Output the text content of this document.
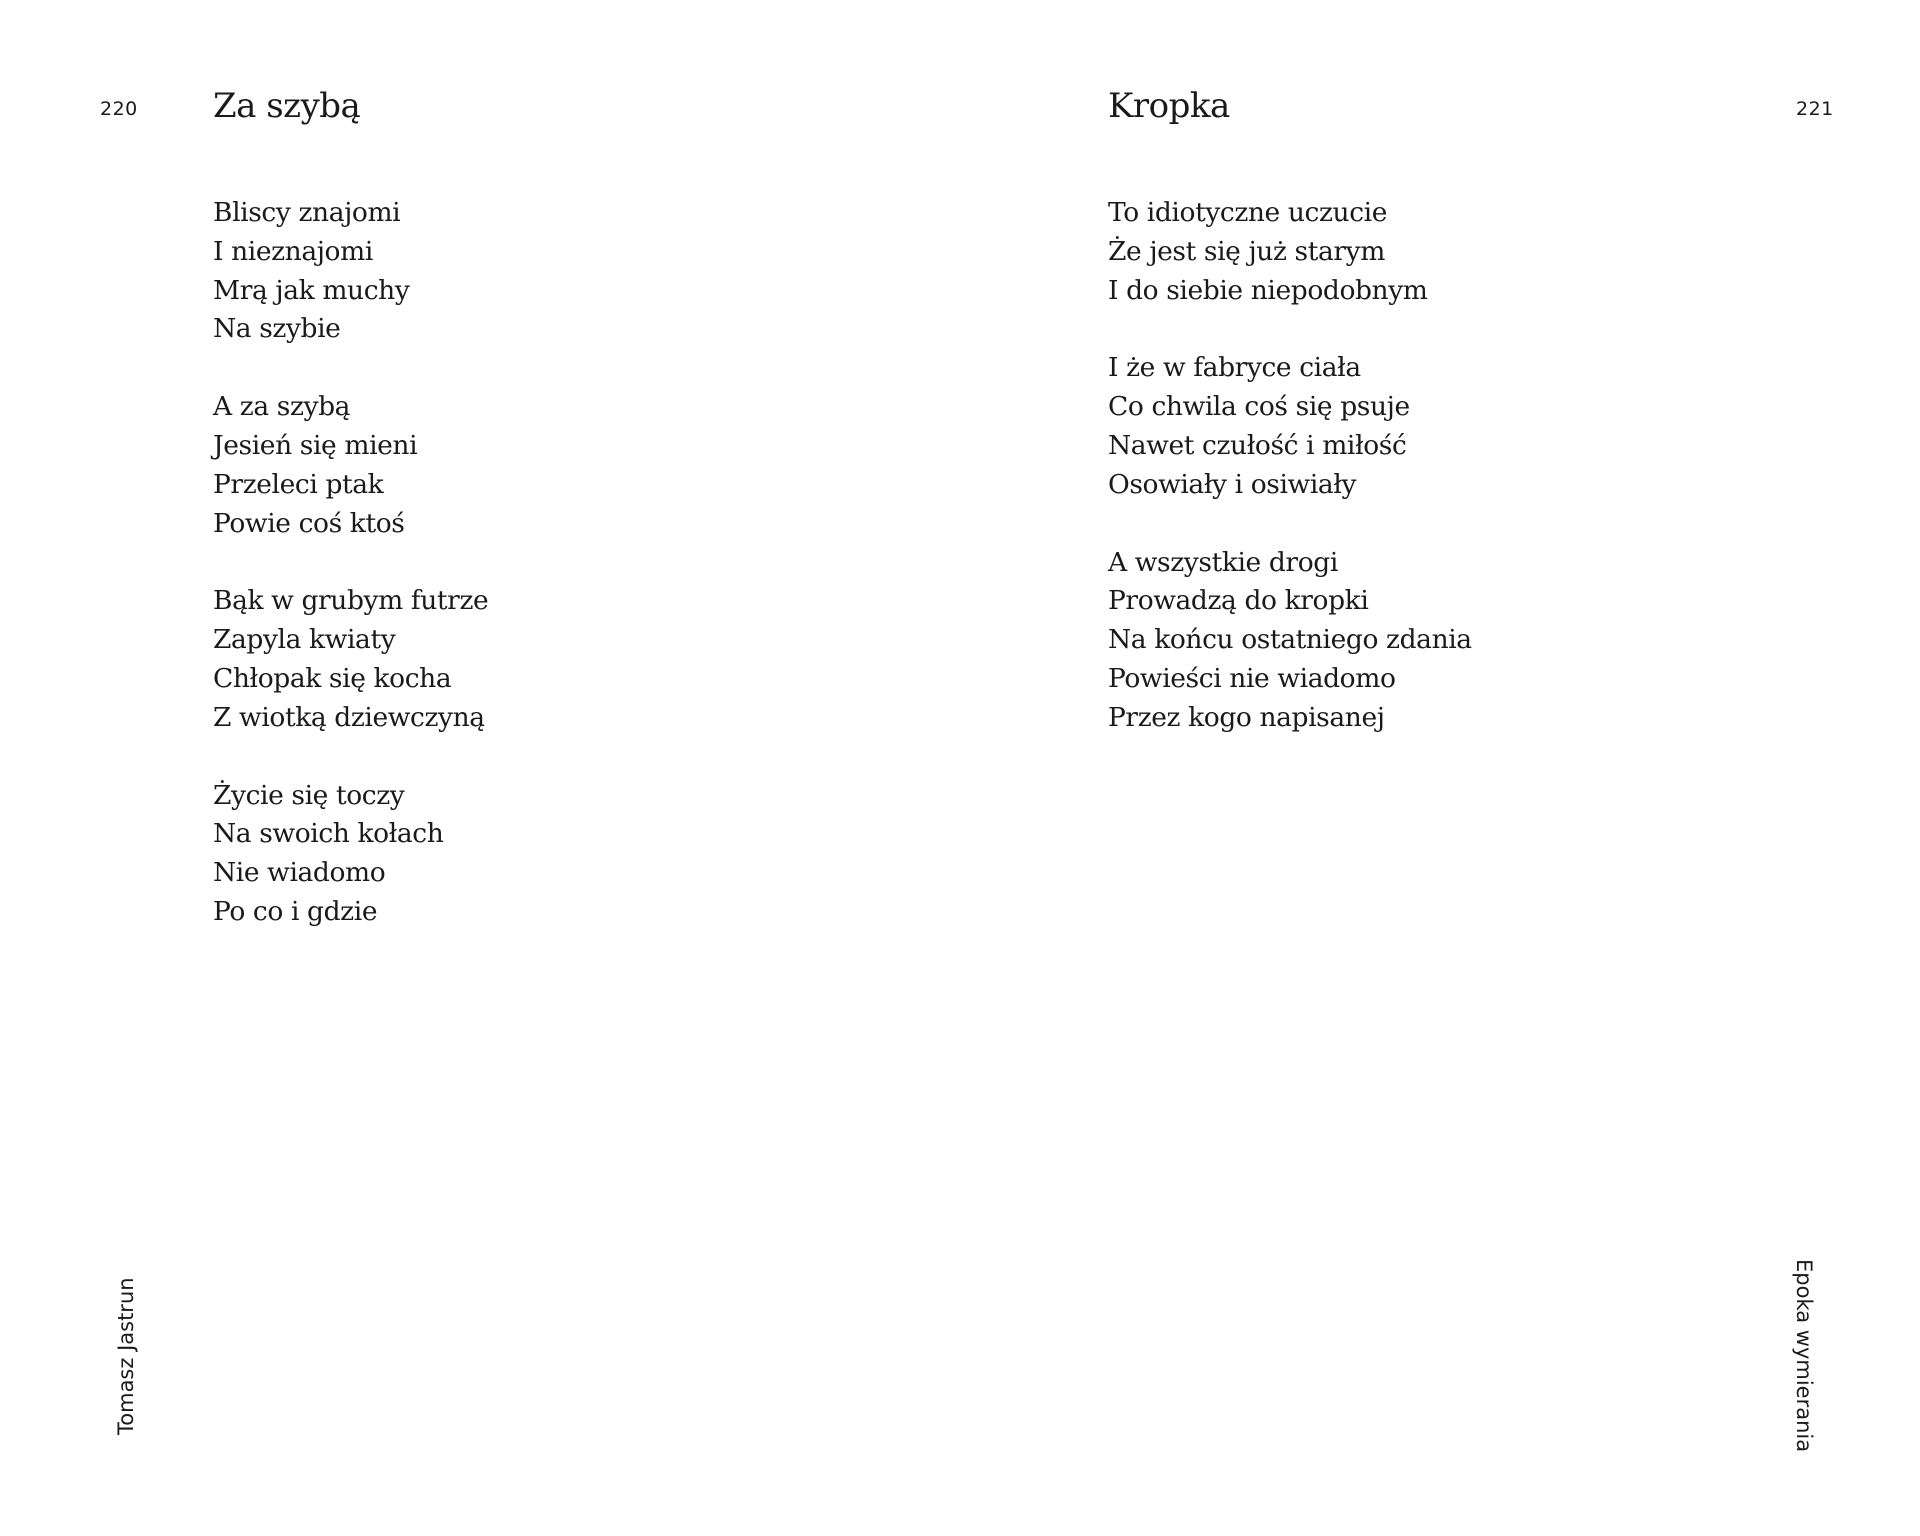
220 Za szybą
Bliscy znajomi
I nieznajomi
Mrą jak muchy
Na szybie
A za szybą
Jesień się mieni
Przeleci ptak
Powie coś ktoś
Bąk w grubym futrze
Zapyla kwiaty
Chłopak się kocha
Z wiotką dziewczyną
Życie się toczy
Na swoich kołach
Nie wiadomo
Po co i gdzie
Tomasz Jastrun
Kropka
To idiotyczne uczucie
Że jest się już starym
I do siebie niepodobnym
I że w fabryce ciała
Co chwila coś się psuje
Nawet czułość i miłość
Osowiały i osiwiały
A wszystkie drogi
Prowadzą do kropki
Na końcu ostatniego zdania
Powieści nie wiadomo
Przez kogo napisanej
221
Epoka wymierania
